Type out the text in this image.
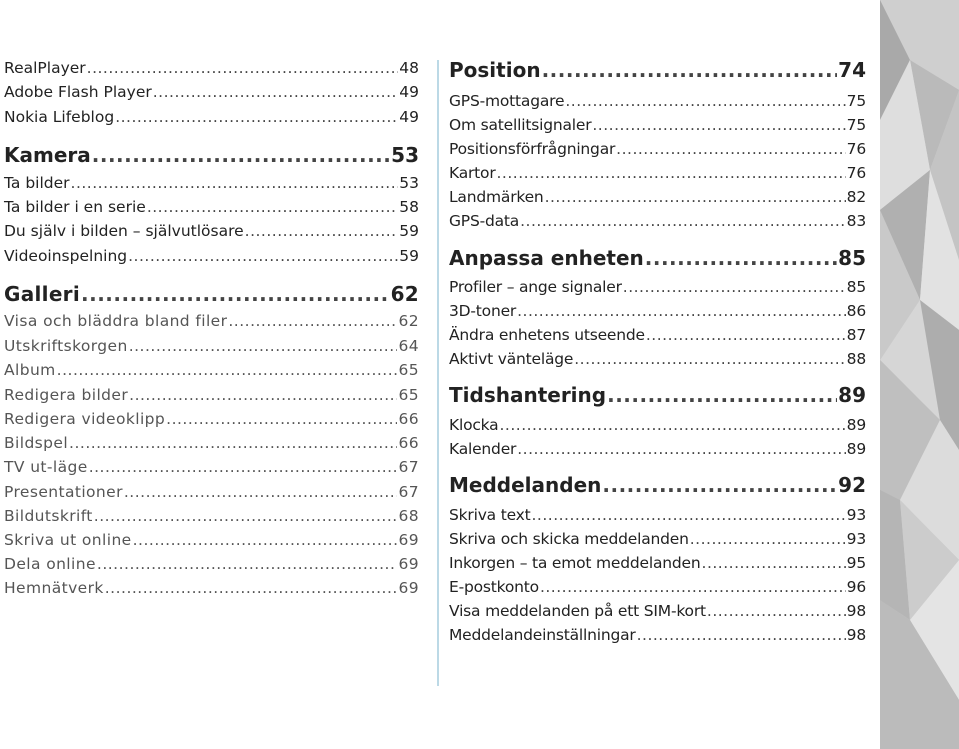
RealPlayer .....	48
Adobe Flash Player .....	49
Nokia Lifeblog .....	49
Kamera .....	53
Ta bilder .....	53
Ta bilder i en serie .....	58
Du själv i bilden – självutlösare .....	59
Videoinspelning .....	59
Galleri .....	62
Visa och bläddra bland filer .....	62
Utskriftskorgen .....	64
Album .....	65
Redigera bilder .....	65
Redigera videoklipp .....	66
Bildspel .....	66
TV ut-läge .....	67
Presentationer .....	67
Bildutskrift .....	68
Skriva ut online .....	69
Dela online .....	69
Hemnätverk .....	69
Position .....	74
GPS-mottagare .....	75
Om satellitsignaler .....	75
Positionsförfrågningar .....	76
Kartor .....	76
Landmärken .....	82
GPS-data .....	83
Anpassa enheten .....	85
Profiler – ange signaler .....	85
3D-toner .....	86
Ändra enhetens utseende .....	87
Aktivt vänteläge .....	88
Tidshantering .....	89
Klocka .....	89
Kalender .....	89
Meddelanden .....	92
Skriva text .....	93
Skriva och skicka meddelanden .....	93
Inkorgen – ta emot meddelanden .....	95
E-postkonto .....	96
Visa meddelanden på ett SIM-kort .....	98
Meddelandeinställningar .....	98
